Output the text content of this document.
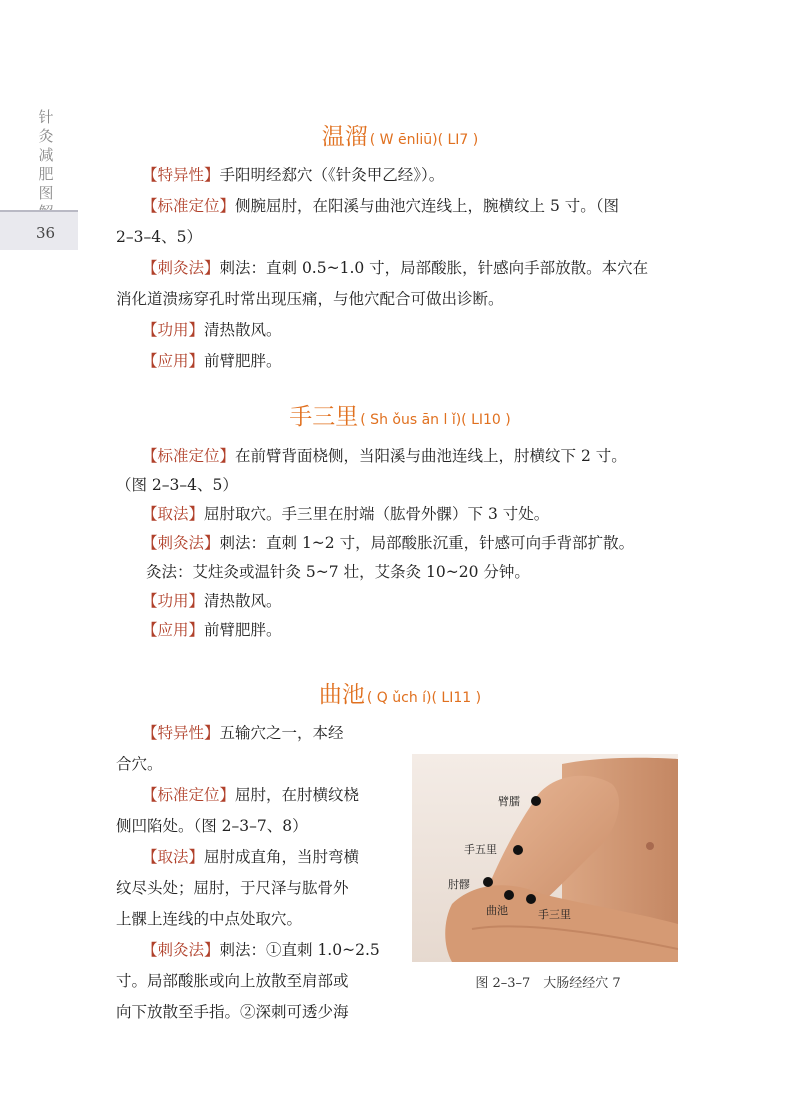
针灸减肥图
36
温溜 ( W ēnliū)( LI7 )
【特异性】手阳明经郄穴（《针灸甲乙经》）。
【标准定位】侧腕屈肘，在阳溪与曲池穴连线上，腕横纹上 5 寸。（图
2–3–4、5）
【刺灸法】刺法：直刺 0.5~1.0 寸，局部酸胀，针感向手部放散。本穴在
消化道溃疡穿孔时常出现压痛，与他穴配合可做出诊断。
【功用】清热散风。
【应用】前臂肥胖。
手三里 ( Sh ǒus ān l ǐ)( LI10 )
【标准定位】在前臂背面桡侧，当阳溪与曲池连线上，肘横纹下 2 寸。
（图 2–3–4、5）
【取法】屈肘取穴。手三里在肘端（肱骨外髁）下 3 寸处。
【刺灸法】刺法：直刺 1~2 寸，局部酸胀沉重，针感可向手背部扩散。
灸法：艾炷灸或温针灸 5~7 壮，艾条灸 10~20 分钟。
【功用】清热散风。
【应用】前臂肥胖。
曲池 ( Q ǔch í)( LI11 )
【特异性】五输穴之一，本经
合穴。
【标准定位】屈肘，在肘横纹桡
侧凹陷处。（图 2–3–7、8）
【取法】屈肘成直角，当肘弯横
纹尽头处；屈肘，于尺泽与肱骨外
上髁上连线的中点处取穴。
【刺灸法】刺法：①直刺 1.0~2.5
寸。局部酸胀或向上放散至肩部或
向下放散至手指。②深刺可透少海
臂臑
手五里
肘髎
曲池	手三里
图 2–3–7　大肠经经穴 7
